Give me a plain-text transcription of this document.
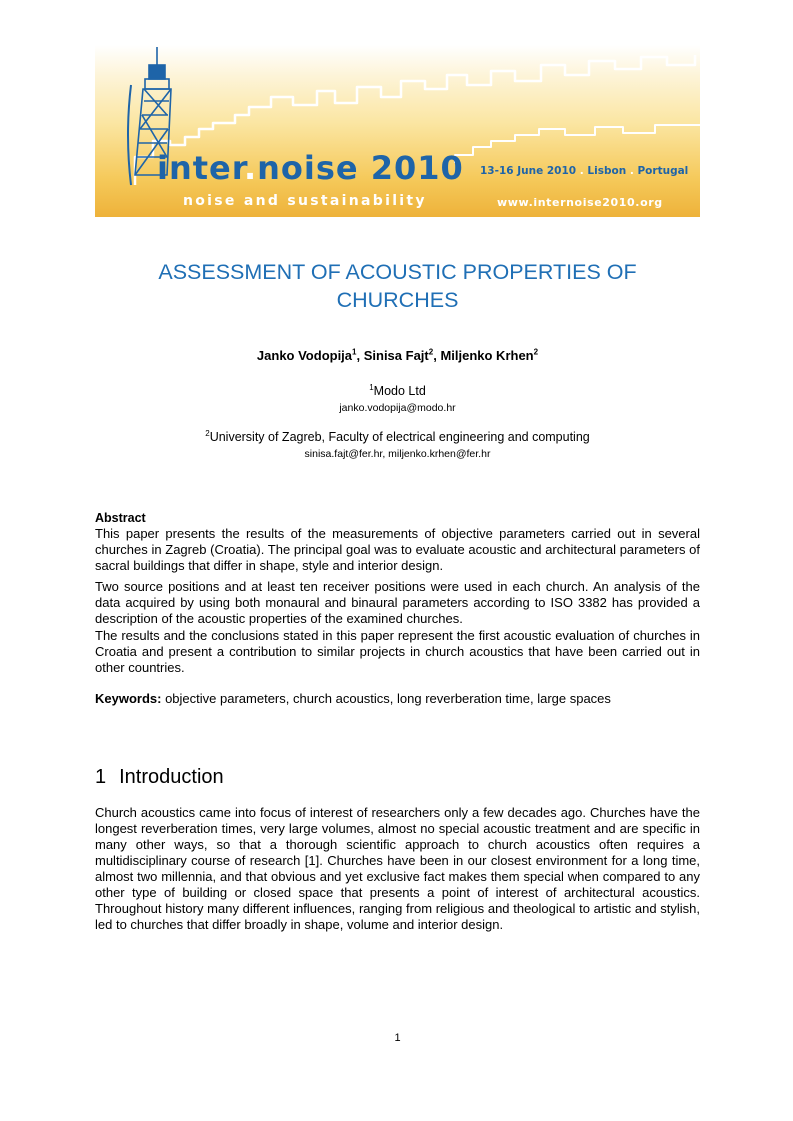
inter.noise 2010
noise and sustainability
13-16 June 2010 . Lisbon . Portugal
www.internoise2010.org
ASSESSMENT OF ACOUSTIC PROPERTIES OF
CHURCHES
Janko Vodopija$^1$, Sinisa Fajt$^2$, Miljenko Krhen$^2$
$^1$Modo Ltd
janko.vodopija@modo.hr
$^2$University of Zagreb, Faculty of electrical engineering and computing
sinisa.fajt@fer.hr, miljenko.krhen@fer.hr
Abstract
This paper presents the results of the measurements of objective parameters carried out in several churches in Zagreb (Croatia). The principal goal was to evaluate acoustic and architectural parameters of sacral buildings that differ in shape, style and interior design.
Two source positions and at least ten receiver positions were used in each church. An analysis of the data acquired by using both monaural and binaural parameters according to ISO 3382 has provided a description of the acoustic properties of the examined churches.
The results and the conclusions stated in this paper represent the first acoustic evaluation of churches in Croatia and present a contribution to similar projects in church acoustics that have been carried out in other countries.
Keywords: objective parameters, church acoustics, long reverberation time, large spaces
1 Introduction
Church acoustics came into focus of interest of researchers only a few decades ago. Churches have the longest reverberation times, very large volumes, almost no special acoustic treatment and are specific in many other ways, so that a thorough scientific approach to church acoustics often requires a multidisciplinary course of research [1]. Churches have been in our closest environment for a long time, almost two millennia, and that obvious and yet exclusive fact makes them special when compared to any other type of building or closed space that presents a point of interest of architectural acoustics. Throughout history many different influences, ranging from religious and theological to artistic and stylish, led to churches that differ broadly in shape, volume and interior design.
1
